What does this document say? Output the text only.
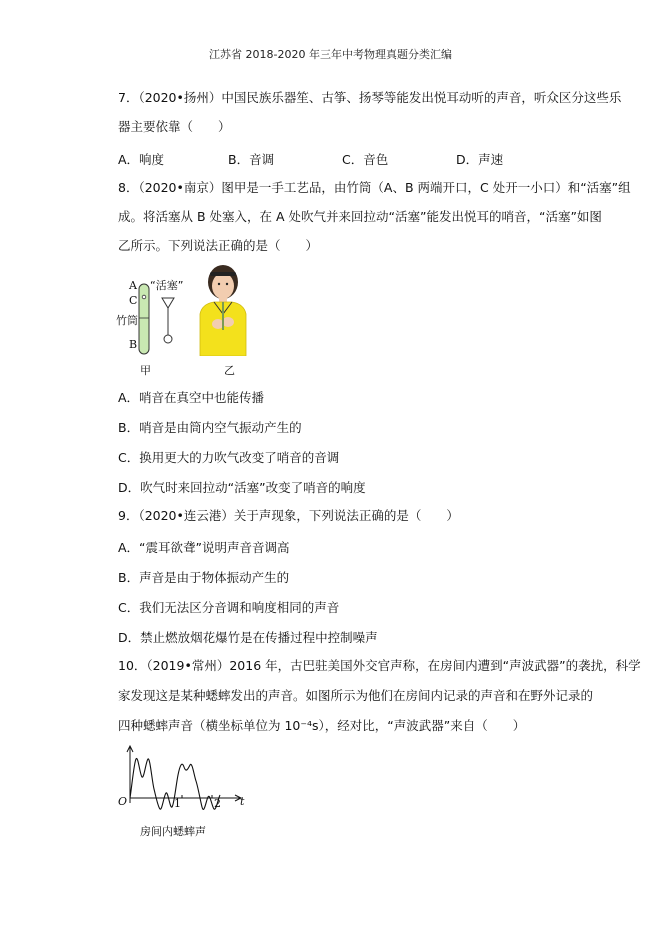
江苏省 2018-2020 年三年中考物理真题分类汇编
7．（2020•扬州）中国民族乐器笙、古筝、扬琴等能发出悦耳动听的声音，听众区分这些乐
器主要依靠（　　）
A．响度	B．音调	C．音色	D．声速
8．（2020•南京）图甲是一手工艺品，由竹筒（A、B 两端开口，C 处开一小口）和“活塞”组
成。将活塞从 B 处塞入，在 A 处吹气并来回拉动“活塞”能发出悦耳的哨音，“活塞”如图
乙所示。下列说法正确的是（　　）
A
C
B
竹筒
“活塞”
甲	乙
A．哨音在真空中也能传播
B．哨音是由筒内空气振动产生的
C．换用更大的力吹气改变了哨音的音调
D．吹气时来回拉动“活塞”改变了哨音的响度
9．（2020•连云港）关于声现象，下列说法正确的是（　　）
A．“震耳欲聋”说明声音音调高
B．声音是由于物体振动产生的
C．我们无法区分音调和响度相同的声音
D．禁止燃放烟花爆竹是在传播过程中控制噪声
10．（2019•常州）2016 年，古巴驻美国外交官声称，在房间内遭到“声波武器”的袭扰，科学
家发现这是某种蟋蟀发出的声音。如图所示为他们在房间内记录的声音和在野外记录的
四种蟋蟀声音（横坐标单位为 10⁻⁴s），经对比，“声波武器”来自（　　）
O	1	2 t
房间内蟋蟀声
